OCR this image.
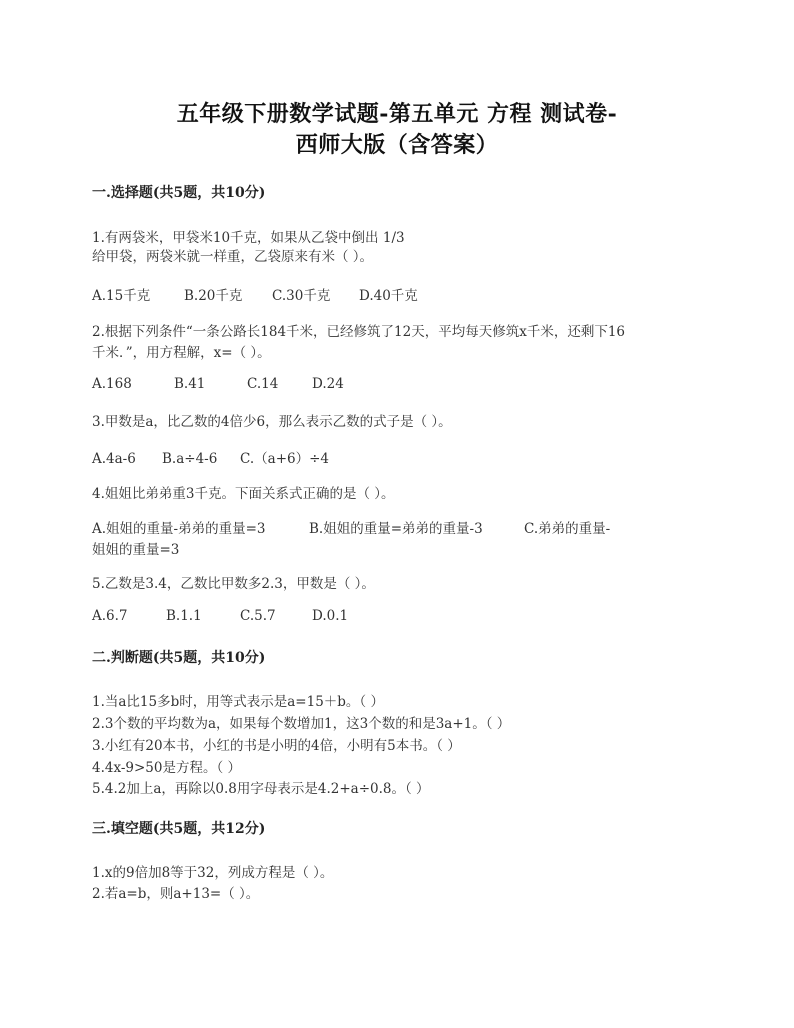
五年级下册数学试题-第五单元 方程 测试卷-
西师大版（含答案）
一.选择题(共5题，共10分)
1.有两袋米，甲袋米10千克，如果从乙袋中倒出 1/3
给甲袋，两袋米就一样重，乙袋原来有米（ ）。
A.15千克	B.20千克 C.30千克 D.40千克
2.根据下列条件“一条公路长184千米，已经修筑了12天，平均每天修筑x千米，还剩下16
千米．”，用方程解，x=（ ）。
A.168	B.41	C.14 D.24
3.甲数是a，比乙数的4倍少6，那么表示乙数的式子是（ ）。
A.4a-6 B.a÷4-6 C.（a+6）÷4
4.姐姐比弟弟重3千克。下面关系式正确的是（ ）。
A.姐姐的重量-弟弟的重量=3	B.姐姐的重量=弟弟的重量-3	C.弟弟的重量-
姐姐的重量=3
5.乙数是3.4，乙数比甲数多2.3，甲数是（ ）。
A.6.7	B.1.1	C.5.7	D.0.1
二.判断题(共5题，共10分)
1.当a比15多b时，用等式表示是a=15＋b。（ ）
2.3个数的平均数为a，如果每个数增加1，这3个数的和是3a+1。（ ）
3.小红有20本书，小红的书是小明的4倍，小明有5本书。（ ）
4.4x-9>50是方程。（ ）
5.4.2加上a，再除以0.8用字母表示是4.2+a÷0.8。（ ）
三.填空题(共5题，共12分)
1.x的9倍加8等于32，列成方程是（ ）。
2.若a=b，则a+13=（ ）。
